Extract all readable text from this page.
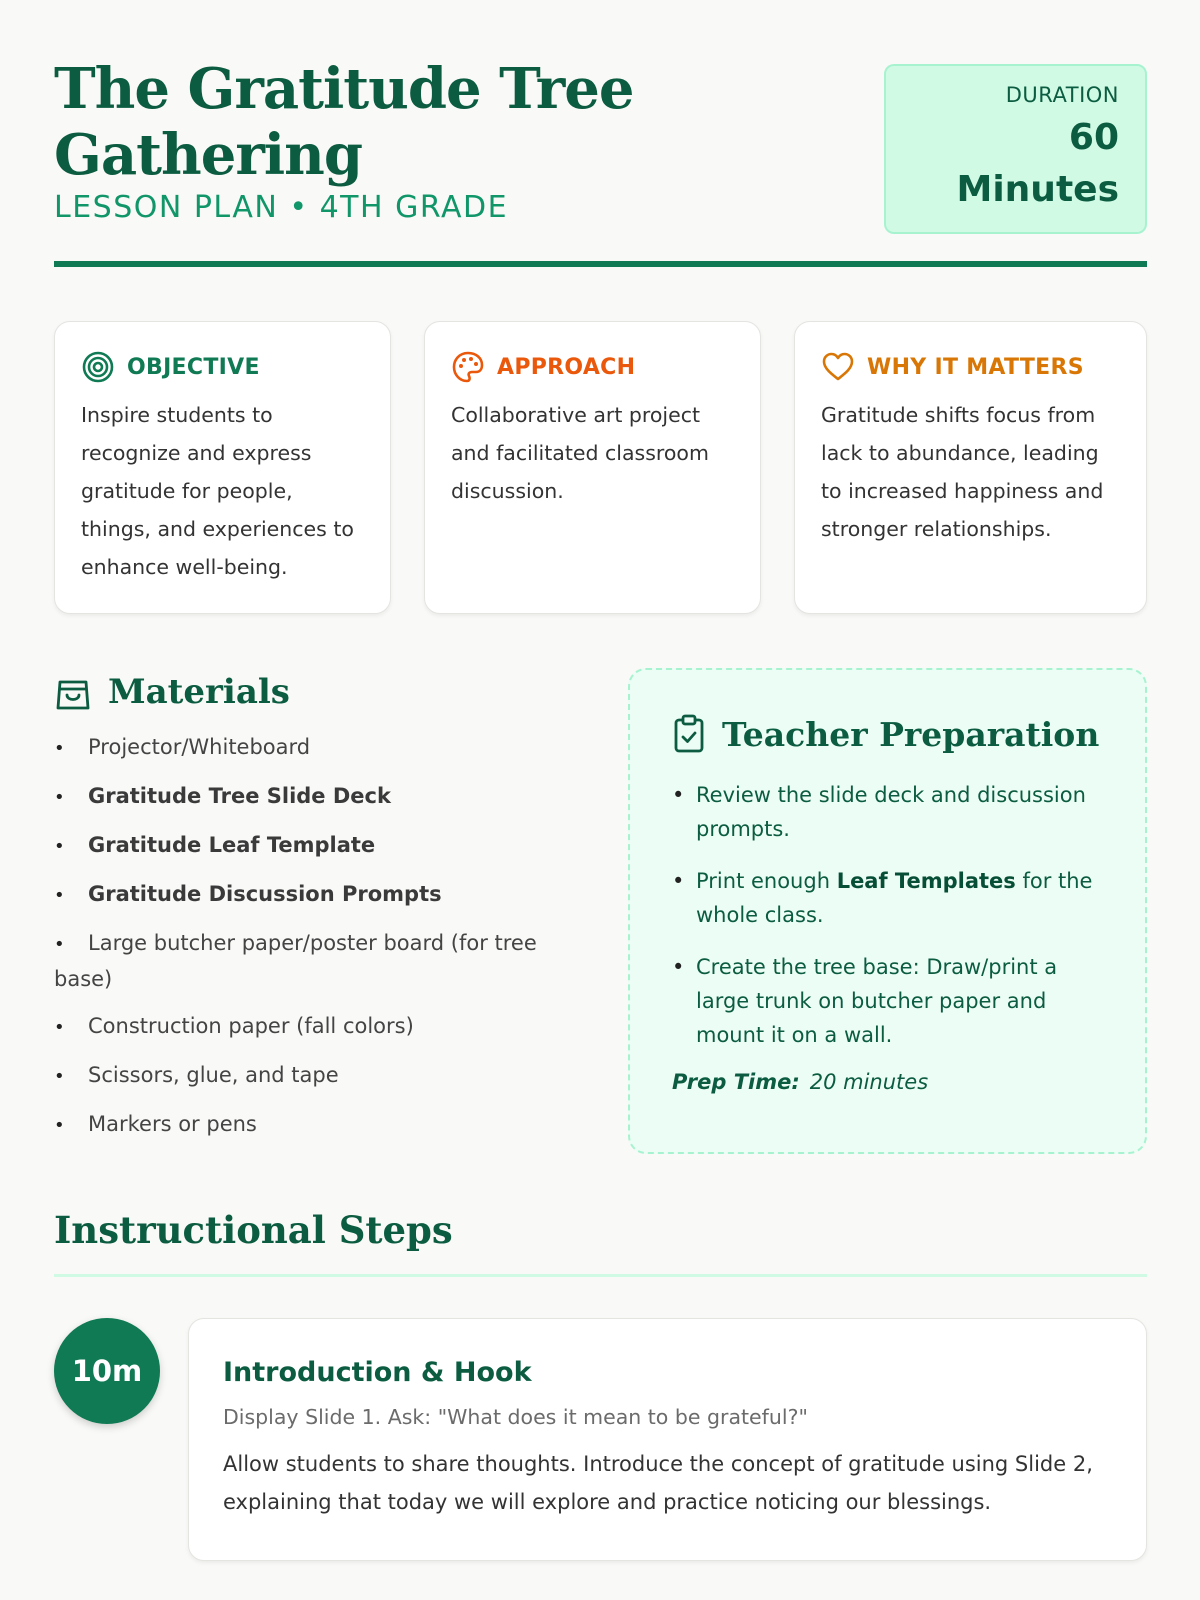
The Gratitude Tree Gathering
LESSON PLAN • 4TH GRADE
DURATION
60
Minutes
OBJECTIVE
Inspire students to recognize and express gratitude for people, things, and experiences to enhance well-being.
APPROACH
Collaborative art project and facilitated classroom discussion.
WHY IT MATTERS
Gratitude shifts focus from lack to abundance, leading to increased happiness and stronger relationships.
Materials
• Projector/Whiteboard
• Gratitude Tree Slide Deck
• Gratitude Leaf Template
• Gratitude Discussion Prompts
• Large butcher paper/poster board (for tree base)
• Construction paper (fall colors)
• Scissors, glue, and tape
• Markers or pens
Teacher Preparation
• Review the slide deck and discussion prompts.
• Print enough Leaf Templates for the whole class.
• Create the tree base: Draw/print a large trunk on butcher paper and mount it on a wall.
Prep Time: 20 minutes
Instructional Steps
10m	Introduction & Hook
Display Slide 1. Ask: "What does it mean to be grateful?"
Allow students to share thoughts. Introduce the concept of gratitude using Slide 2, explaining that today we will explore and practice noticing our blessings.
